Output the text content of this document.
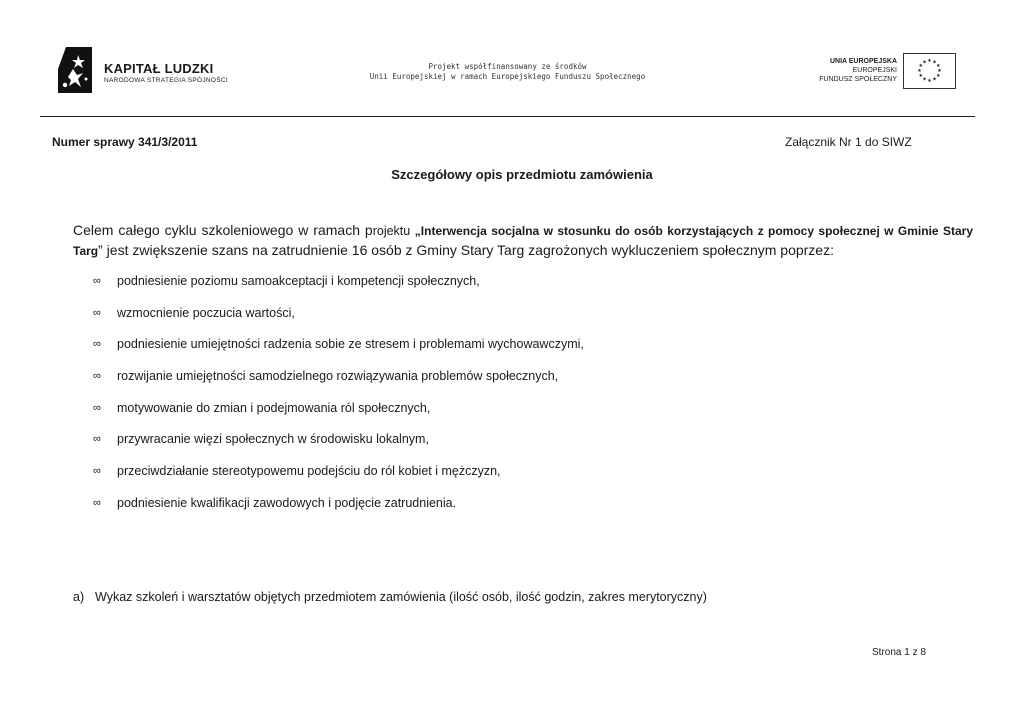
KAPITAŁ LUDZKI
NARODOWA STRATEGIA SPÓJNOŚCI
Projekt współfinansowany ze środków
Unii Europejskiej w ramach Europejskiego Funduszu Społecznego
UNIA EUROPEJSKA
EUROPEJSKI
FUNDUSZ SPOŁECZNY
★ ★
★
★
★
★
★
★
★
★
★
★
Numer sprawy 341/3/2011	Załącznik Nr 1 do SIWZ
Szczegółowy opis przedmiotu zamówienia
Celem całego cyklu szkoleniowego w ramach projektu „Interwencja socjalna w stosunku do osób korzystających z pomocy społecznej w Gminie Stary Targ” jest zwiększenie szans na zatrudnienie 16 osób z Gminy Stary Targ zagrożonych wykluczeniem społecznym poprzez:
∞	podniesienie poziomu samoakceptacji i kompetencji społecznych,
∞	wzmocnienie poczucia wartości,
∞	podniesienie umiejętności radzenia sobie ze stresem i problemami wychowawczymi,
∞	rozwijanie umiejętności samodzielnego rozwiązywania problemów społecznych,
∞	motywowanie do zmian i podejmowania ról społecznych,
∞	przywracanie więzi społecznych w środowisku lokalnym,
∞	przeciwdziałanie stereotypowemu podejściu do ról kobiet i mężczyzn,
∞	podniesienie kwalifikacji zawodowych i podjęcie zatrudnienia.
a) Wykaz szkoleń i warsztatów objętych przedmiotem zamówienia (ilość osób, ilość godzin, zakres merytoryczny)
Strona 1 z 8
